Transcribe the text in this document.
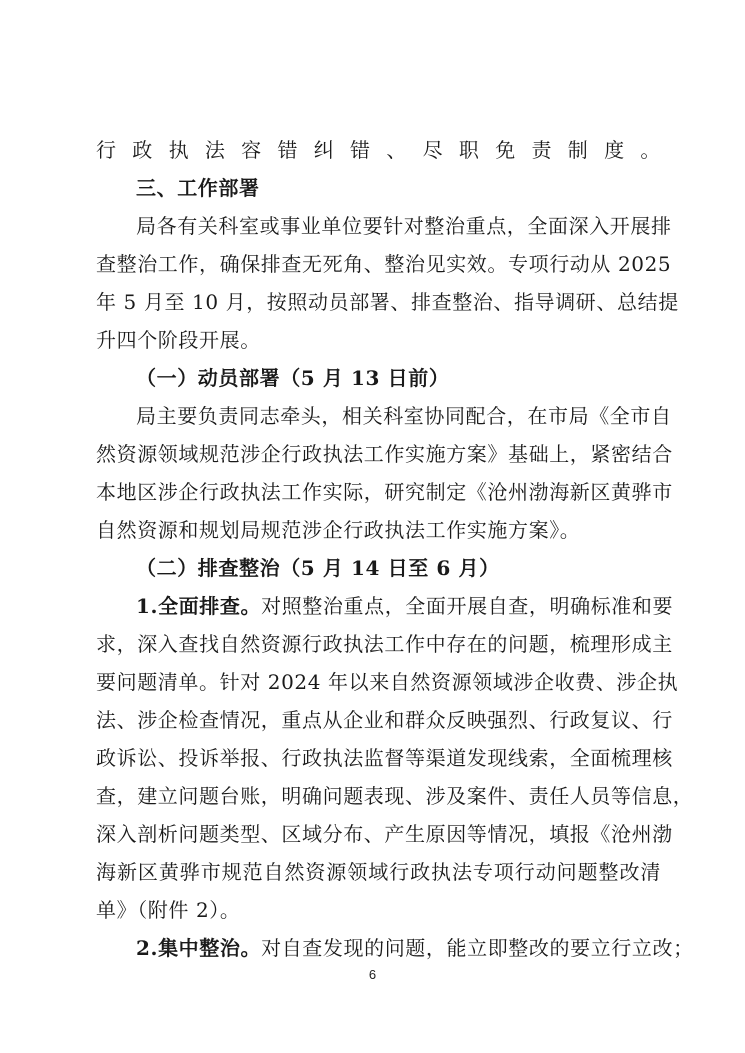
行政执法容错纠错、尽职免责制度。
三、工作部署
局各有关科室或事业单位要针对整治重点，全面深入开展排
查整治工作，确保排查无死角、整治见实效。专项行动从 2025
年 5 月至 10 月，按照动员部署、排查整治、指导调研、总结提
升四个阶段开展。
（一）动员部署（5 月 13 日前）
局主要负责同志牵头，相关科室协同配合，在市局《全市自
然资源领域规范涉企行政执法工作实施方案》基础上，紧密结合
本地区涉企行政执法工作实际，研究制定《沧州渤海新区黄骅市
自然资源和规划局规范涉企行政执法工作实施方案》。
（二）排查整治（5 月 14 日至 6 月）
1.全面排查。对照整治重点，全面开展自查，明确标准和要
求，深入查找自然资源行政执法工作中存在的问题，梳理形成主
要问题清单。针对 2024 年以来自然资源领域涉企收费、涉企执
法、涉企检查情况，重点从企业和群众反映强烈、行政复议、行
政诉讼、投诉举报、行政执法监督等渠道发现线索，全面梳理核
查，建立问题台账，明确问题表现、涉及案件、责任人员等信息，
深入剖析问题类型、区域分布、产生原因等情况，填报《沧州渤
海新区黄骅市规范自然资源领域行政执法专项行动问题整改清
单》（附件 2）。
2.集中整治。对自查发现的问题，能立即整改的要立行立改；
6
